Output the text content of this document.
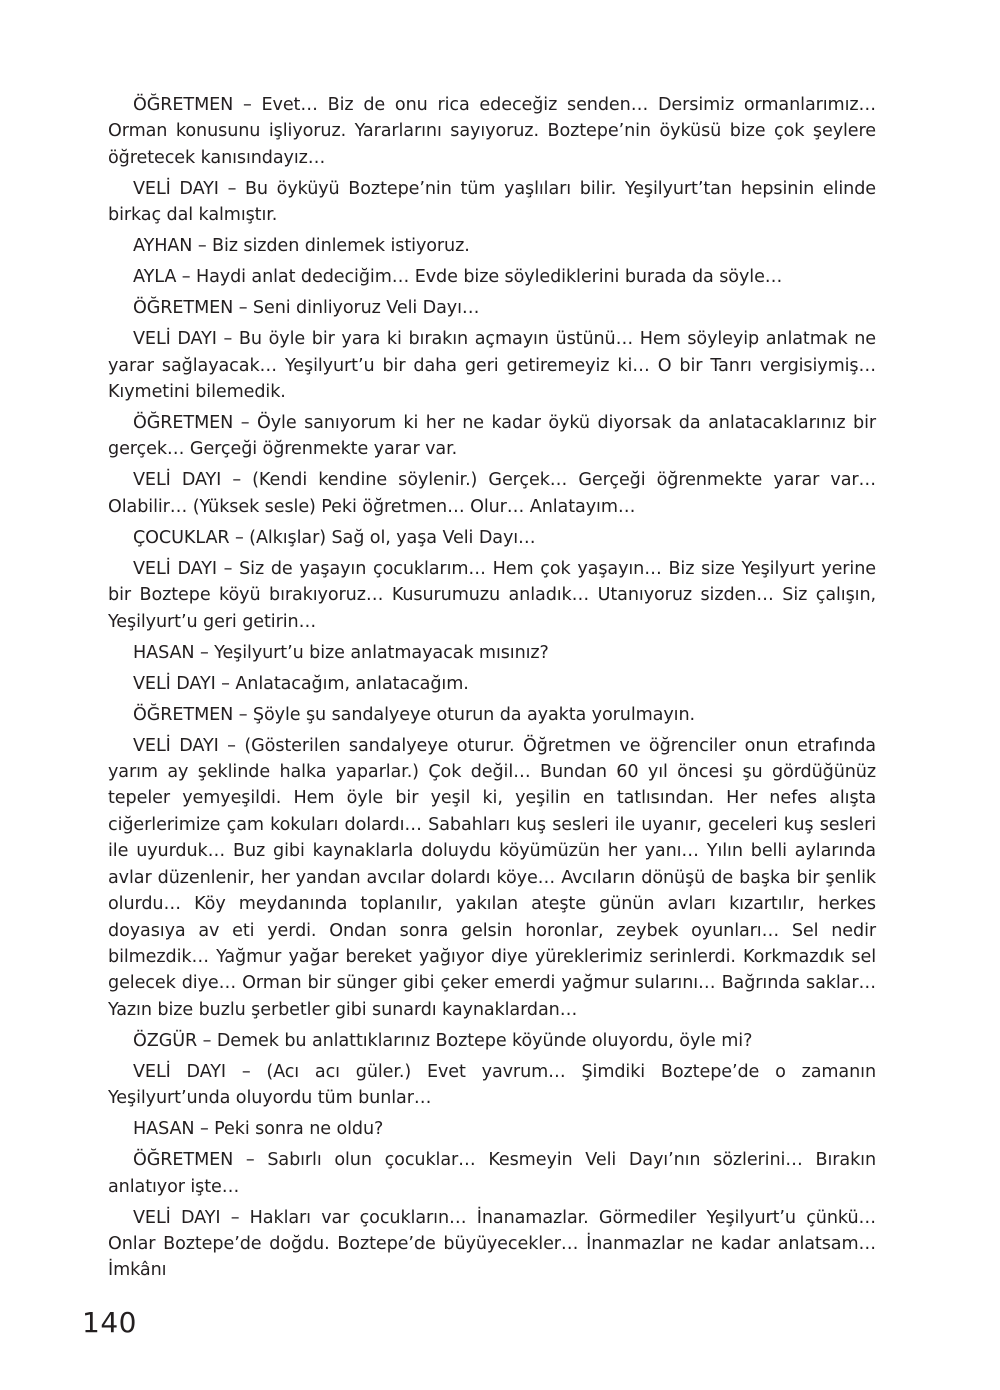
ÖĞRETMEN – Evet… Biz de onu rica edeceğiz senden… Dersimiz ormanlarımız… Orman konusunu işliyoruz. Yararlarını sayıyoruz. Boztepe’nin öyküsü bize çok şeylere öğretecek kanısındayız…

VELİ DAYI – Bu öyküyü Boztepe’nin tüm yaşlıları bilir. Yeşilyurt’tan hepsinin elinde birkaç dal kalmıştır.

AYHAN – Biz sizden dinlemek istiyoruz.

AYLA – Haydi anlat dedeciğim… Evde bize söylediklerini burada da söyle…

ÖĞRETMEN – Seni dinliyoruz Veli Dayı…

VELİ DAYI – Bu öyle bir yara ki bırakın açmayın üstünü… Hem söyleyip anlatmak ne yarar sağlayacak… Yeşilyurt’u bir daha geri getiremeyiz ki… O bir Tanrı vergisiymiş… Kıymetini bilemedik.

ÖĞRETMEN – Öyle sanıyorum ki her ne kadar öykü diyorsak da anlatacaklarınız bir gerçek… Gerçeği öğrenmekte yarar var.

VELİ DAYI – (Kendi kendine söylenir.) Gerçek… Gerçeği öğrenmekte yarar var… Olabilir… (Yüksek sesle) Peki öğretmen… Olur… Anlatayım…

ÇOCUKLAR – (Alkışlar) Sağ ol, yaşa Veli Dayı…

VELİ DAYI – Siz de yaşayın çocuklarım… Hem çok yaşayın… Biz size Yeşilyurt yerine bir Boztepe köyü bırakıyoruz… Kusurumuzu anladık… Utanıyoruz sizden… Siz çalışın, Yeşilyurt’u geri getirin…

HASAN – Yeşilyurt’u bize anlatmayacak mısınız?

VELİ DAYI – Anlatacağım, anlatacağım.

ÖĞRETMEN – Şöyle şu sandalyeye oturun da ayakta yorulmayın.

VELİ DAYI – (Gösterilen sandalyeye oturur. Öğretmen ve öğrenciler onun etrafında yarım ay şeklinde halka yaparlar.) Çok değil… Bundan 60 yıl öncesi şu gördüğünüz tepeler yemyeşildi. Hem öyle bir yeşil ki, yeşilin en tatlısından. Her nefes alışta ciğerlerimize çam kokuları dolardı… Sabahları kuş sesleri ile uyanır, geceleri kuş sesleri ile uyurduk… Buz gibi kaynaklarla doluydu köyümüzün her yanı… Yılın belli aylarında avlar düzenlenir, her yandan avcılar dolardı köye… Avcıların dönüşü de başka bir şenlik olurdu… Köy meydanında toplanılır, yakılan ateşte günün avları kızartılır, herkes doyasıya av eti yerdi. Ondan sonra gelsin horonlar, zeybek oyunları… Sel nedir bilmezdik… Yağmur yağar bereket yağıyor diye yüreklerimiz serinlerdi. Korkmazdık sel gelecek diye… Orman bir sünger gibi çeker emerdi yağmur sularını… Bağrında saklar… Yazın bize buzlu şerbetler gibi sunardı kaynaklardan…

ÖZGÜR – Demek bu anlattıklarınız Boztepe köyünde oluyordu, öyle mi?

VELİ DAYI – (Acı acı güler.) Evet yavrum… Şimdiki Boztepe’de o zamanın Yeşilyurt’unda oluyordu tüm bunlar…

HASAN – Peki sonra ne oldu?

ÖĞRETMEN – Sabırlı olun çocuklar… Kesmeyin Veli Dayı’nın sözlerini… Bırakın anlatıyor işte…

VELİ DAYI – Hakları var çocukların… İnanamazlar. Görmediler Yeşilyurt’u çünkü… Onlar Boztepe’de doğdu. Boztepe’de büyüyecekler… İnanmazlar ne kadar anlatsam… İmkânı

140
